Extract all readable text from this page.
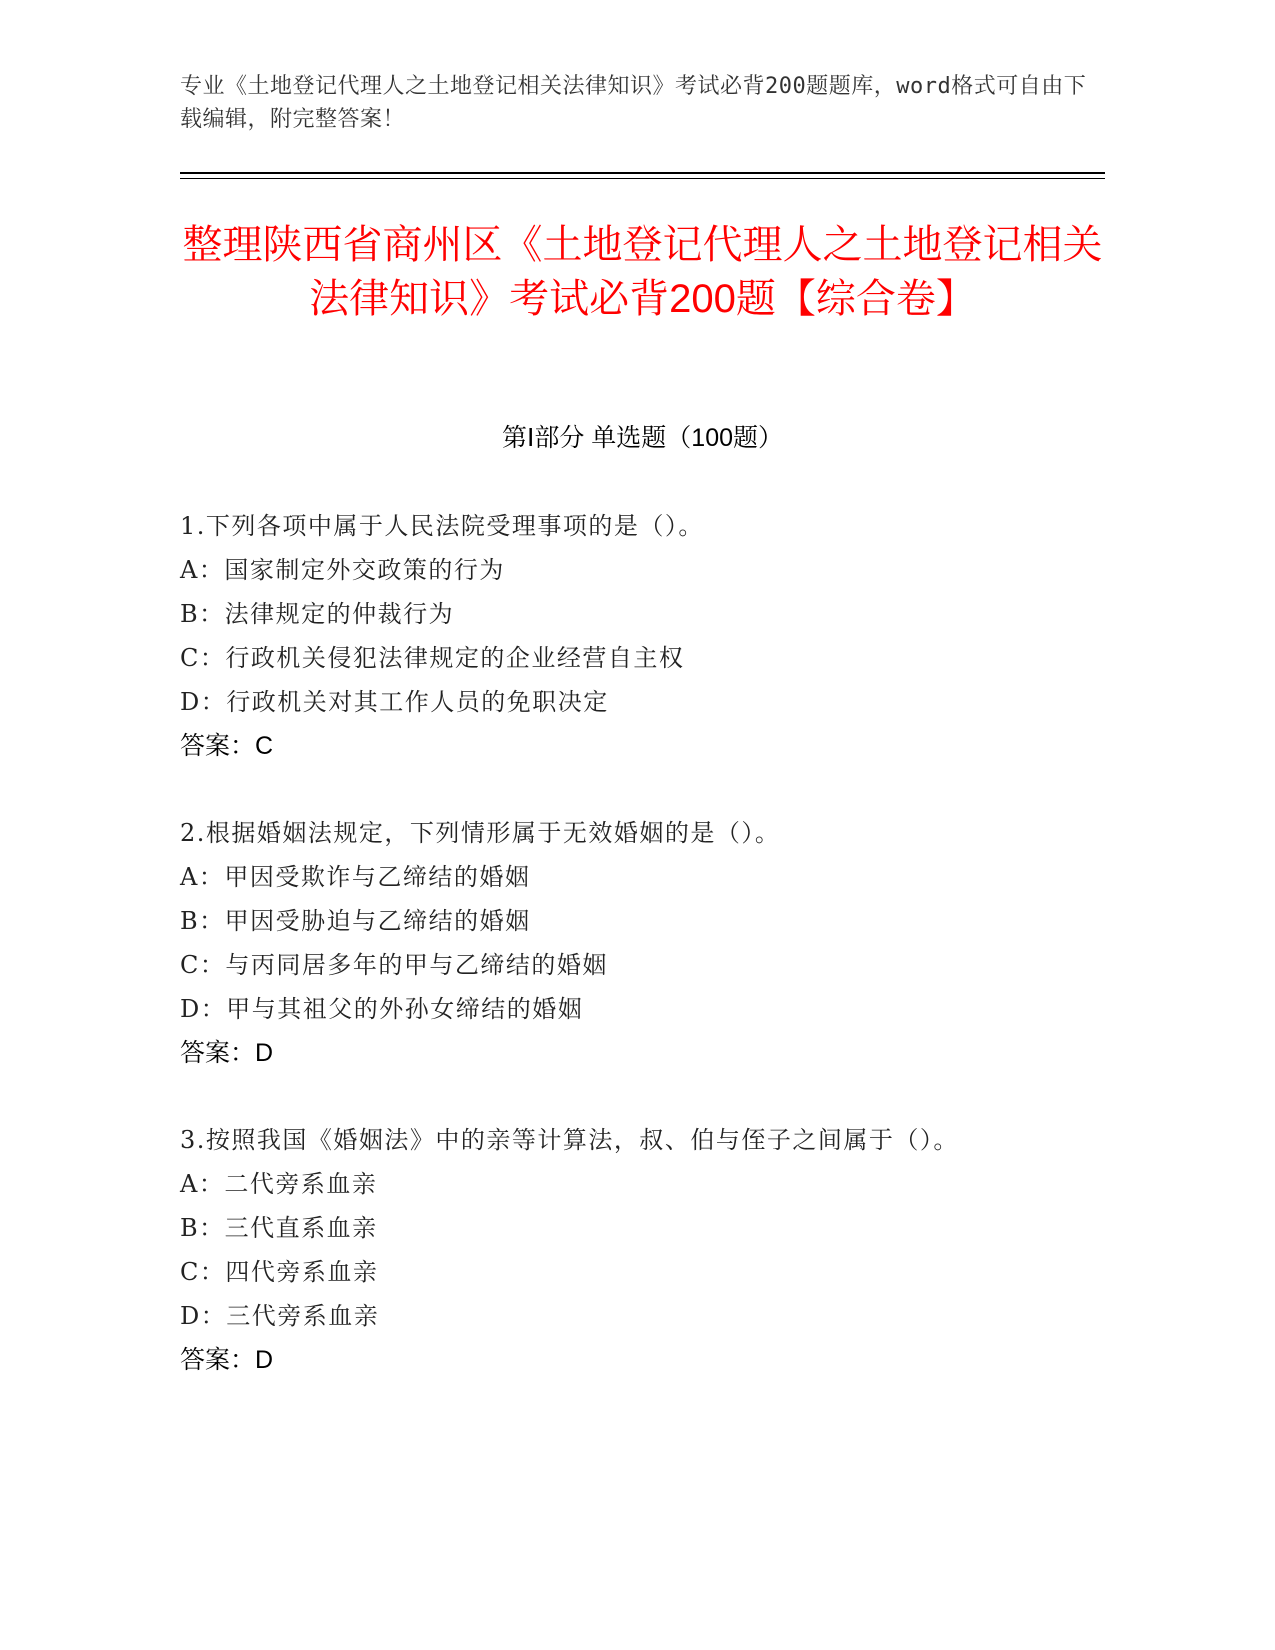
专业《土地登记代理人之土地登记相关法律知识》考试必背200题题库，word格式可自由下载编辑，附完整答案！
整理陕西省商州区《土地登记代理人之土地登记相关法律知识》考试必背200题【综合卷】
第Ⅰ部分 单选题（100题）

1.下列各项中属于人民法院受理事项的是（）。

A：国家制定外交政策的行为

B：法律规定的仲裁行为

C：行政机关侵犯法律规定的企业经营自主权

D：行政机关对其工作人员的免职决定

答案：C

2.根据婚姻法规定，下列情形属于无效婚姻的是（）。

A：甲因受欺诈与乙缔结的婚姻

B：甲因受胁迫与乙缔结的婚姻

C：与丙同居多年的甲与乙缔结的婚姻

D：甲与其祖父的外孙女缔结的婚姻

答案：D

3.按照我国《婚姻法》中的亲等计算法，叔、伯与侄子之间属于（）。

A：二代旁系血亲

B：三代直系血亲

C：四代旁系血亲

D：三代旁系血亲

答案：D
